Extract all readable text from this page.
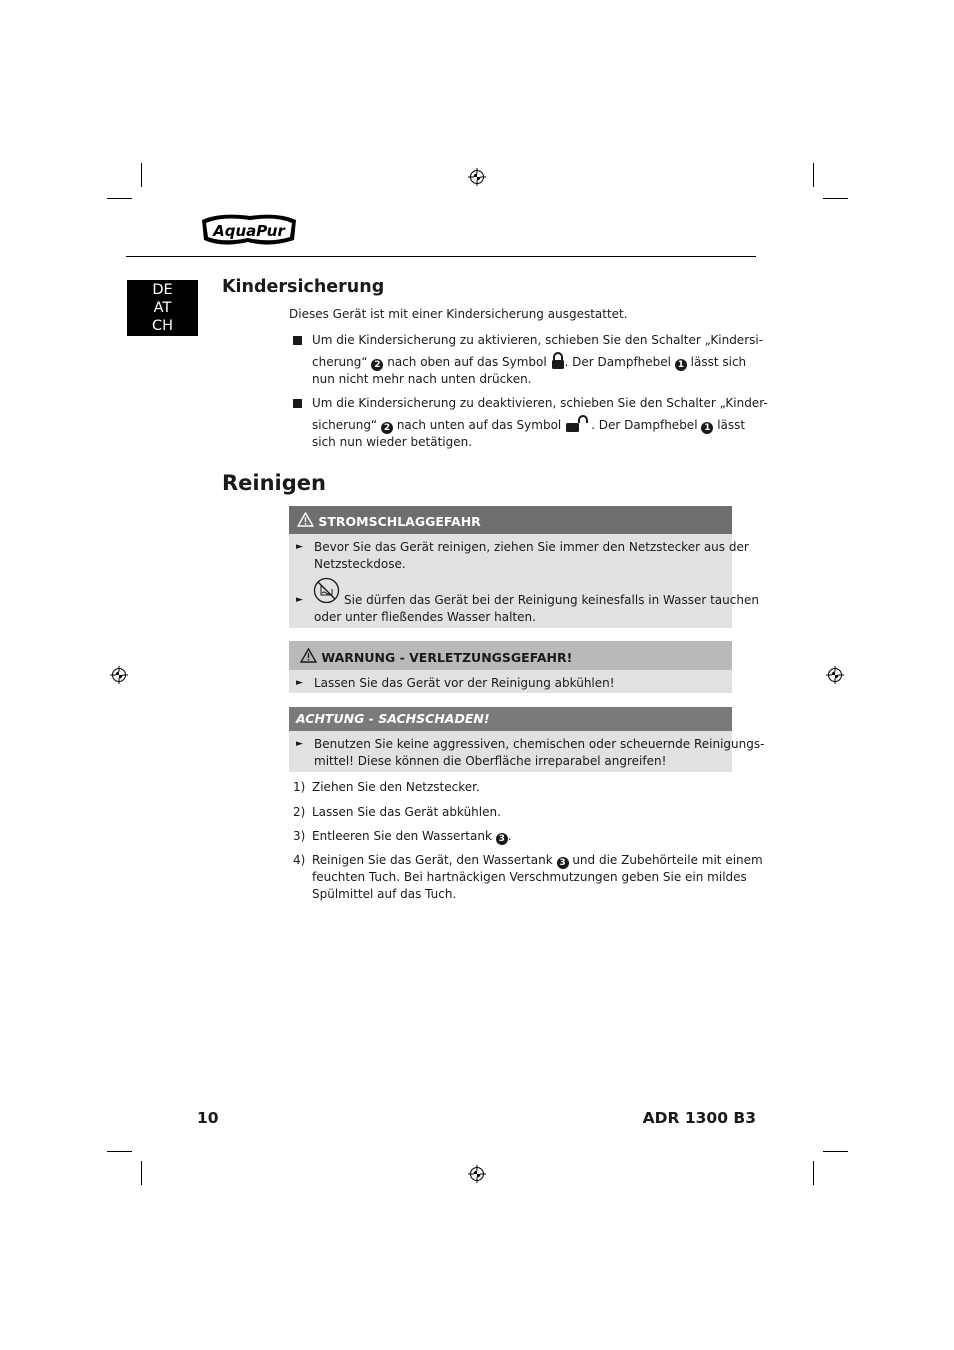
AquaPur
DE
AT
CH
Kindersicherung
Dieses Gerät ist mit einer Kindersicherung ausgestattet.
Um die Kindersicherung zu aktivieren, schieben Sie den Schalter „Kindersi-
cherung“ 2 nach oben auf das Symbol . Der Dampfhebel 1 lässt sich
nun nicht mehr nach unten drücken.
Um die Kindersicherung zu deaktivieren, schieben Sie den Schalter „Kinder-
sicherung“ 2 nach unten auf das Symbol . Der Dampfhebel 1 lässt
sich nun wieder betätigen.
Reinigen
STROMSCHLAGGEFAHR
► Bevor Sie das Gerät reinigen, ziehen Sie immer den Netzstecker aus der
Netzsteckdose.
►	Sie dürfen das Gerät bei der Reinigung keinesfalls in Wasser tauchen
oder unter fließendes Wasser halten.
WARNUNG - VERLETZUNGSGEFAHR!
► Lassen Sie das Gerät vor der Reinigung abkühlen!
ACHTUNG - SACHSCHADEN!
► Benutzen Sie keine aggressiven, chemischen oder scheuernde Reinigungs-
mittel! Diese können die Oberfläche irreparabel angreifen!
1) Ziehen Sie den Netzstecker.
2) Lassen Sie das Gerät abkühlen.
3) Entleeren Sie den Wassertank 3 .
4) Reinigen Sie das Gerät, den Wassertank 3 und die Zubehörteile mit einem
feuchten Tuch. Bei hartnäckigen Verschmutzungen geben Sie ein mildes
Spülmittel auf das Tuch.
10	ADR 1300 B3
